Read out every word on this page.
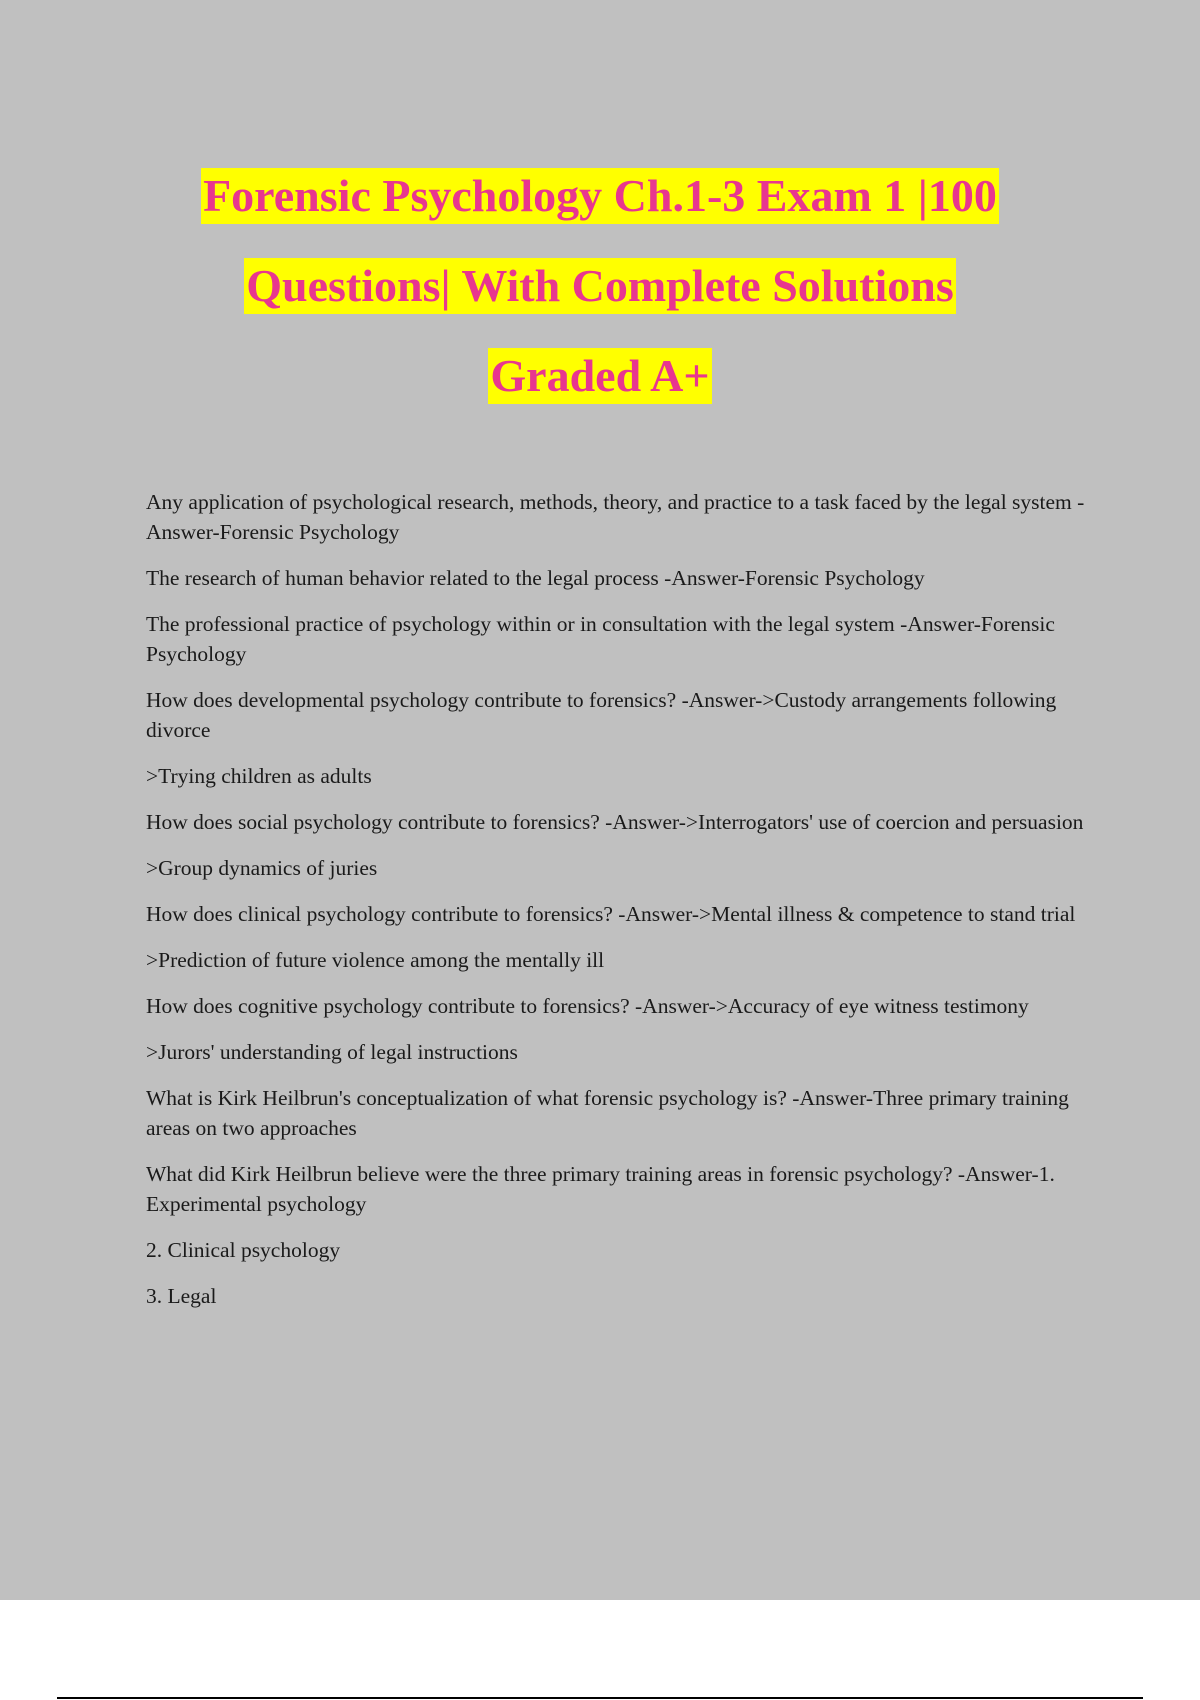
Forensic Psychology Ch.1-3 Exam 1 |100
Questions| With Complete Solutions
Graded A+

Any application of psychological research, methods, theory, and practice to a task faced by the legal system -Answer-Forensic Psychology

The research of human behavior related to the legal process -Answer-Forensic Psychology

The professional practice of psychology within or in consultation with the legal system -Answer-Forensic Psychology

How does developmental psychology contribute to forensics? -Answer->Custody arrangements following divorce

>Trying children as adults

How does social psychology contribute to forensics? -Answer->Interrogators' use of coercion and persuasion

>Group dynamics of juries

How does clinical psychology contribute to forensics? -Answer->Mental illness & competence to stand trial

>Prediction of future violence among the mentally ill

How does cognitive psychology contribute to forensics? -Answer->Accuracy of eye witness testimony

>Jurors' understanding of legal instructions

What is Kirk Heilbrun's conceptualization of what forensic psychology is? -Answer-Three primary training areas on two approaches

What did Kirk Heilbrun believe were the three primary training areas in forensic psychology? -Answer-1. Experimental psychology

2. Clinical psychology

3. Legal
